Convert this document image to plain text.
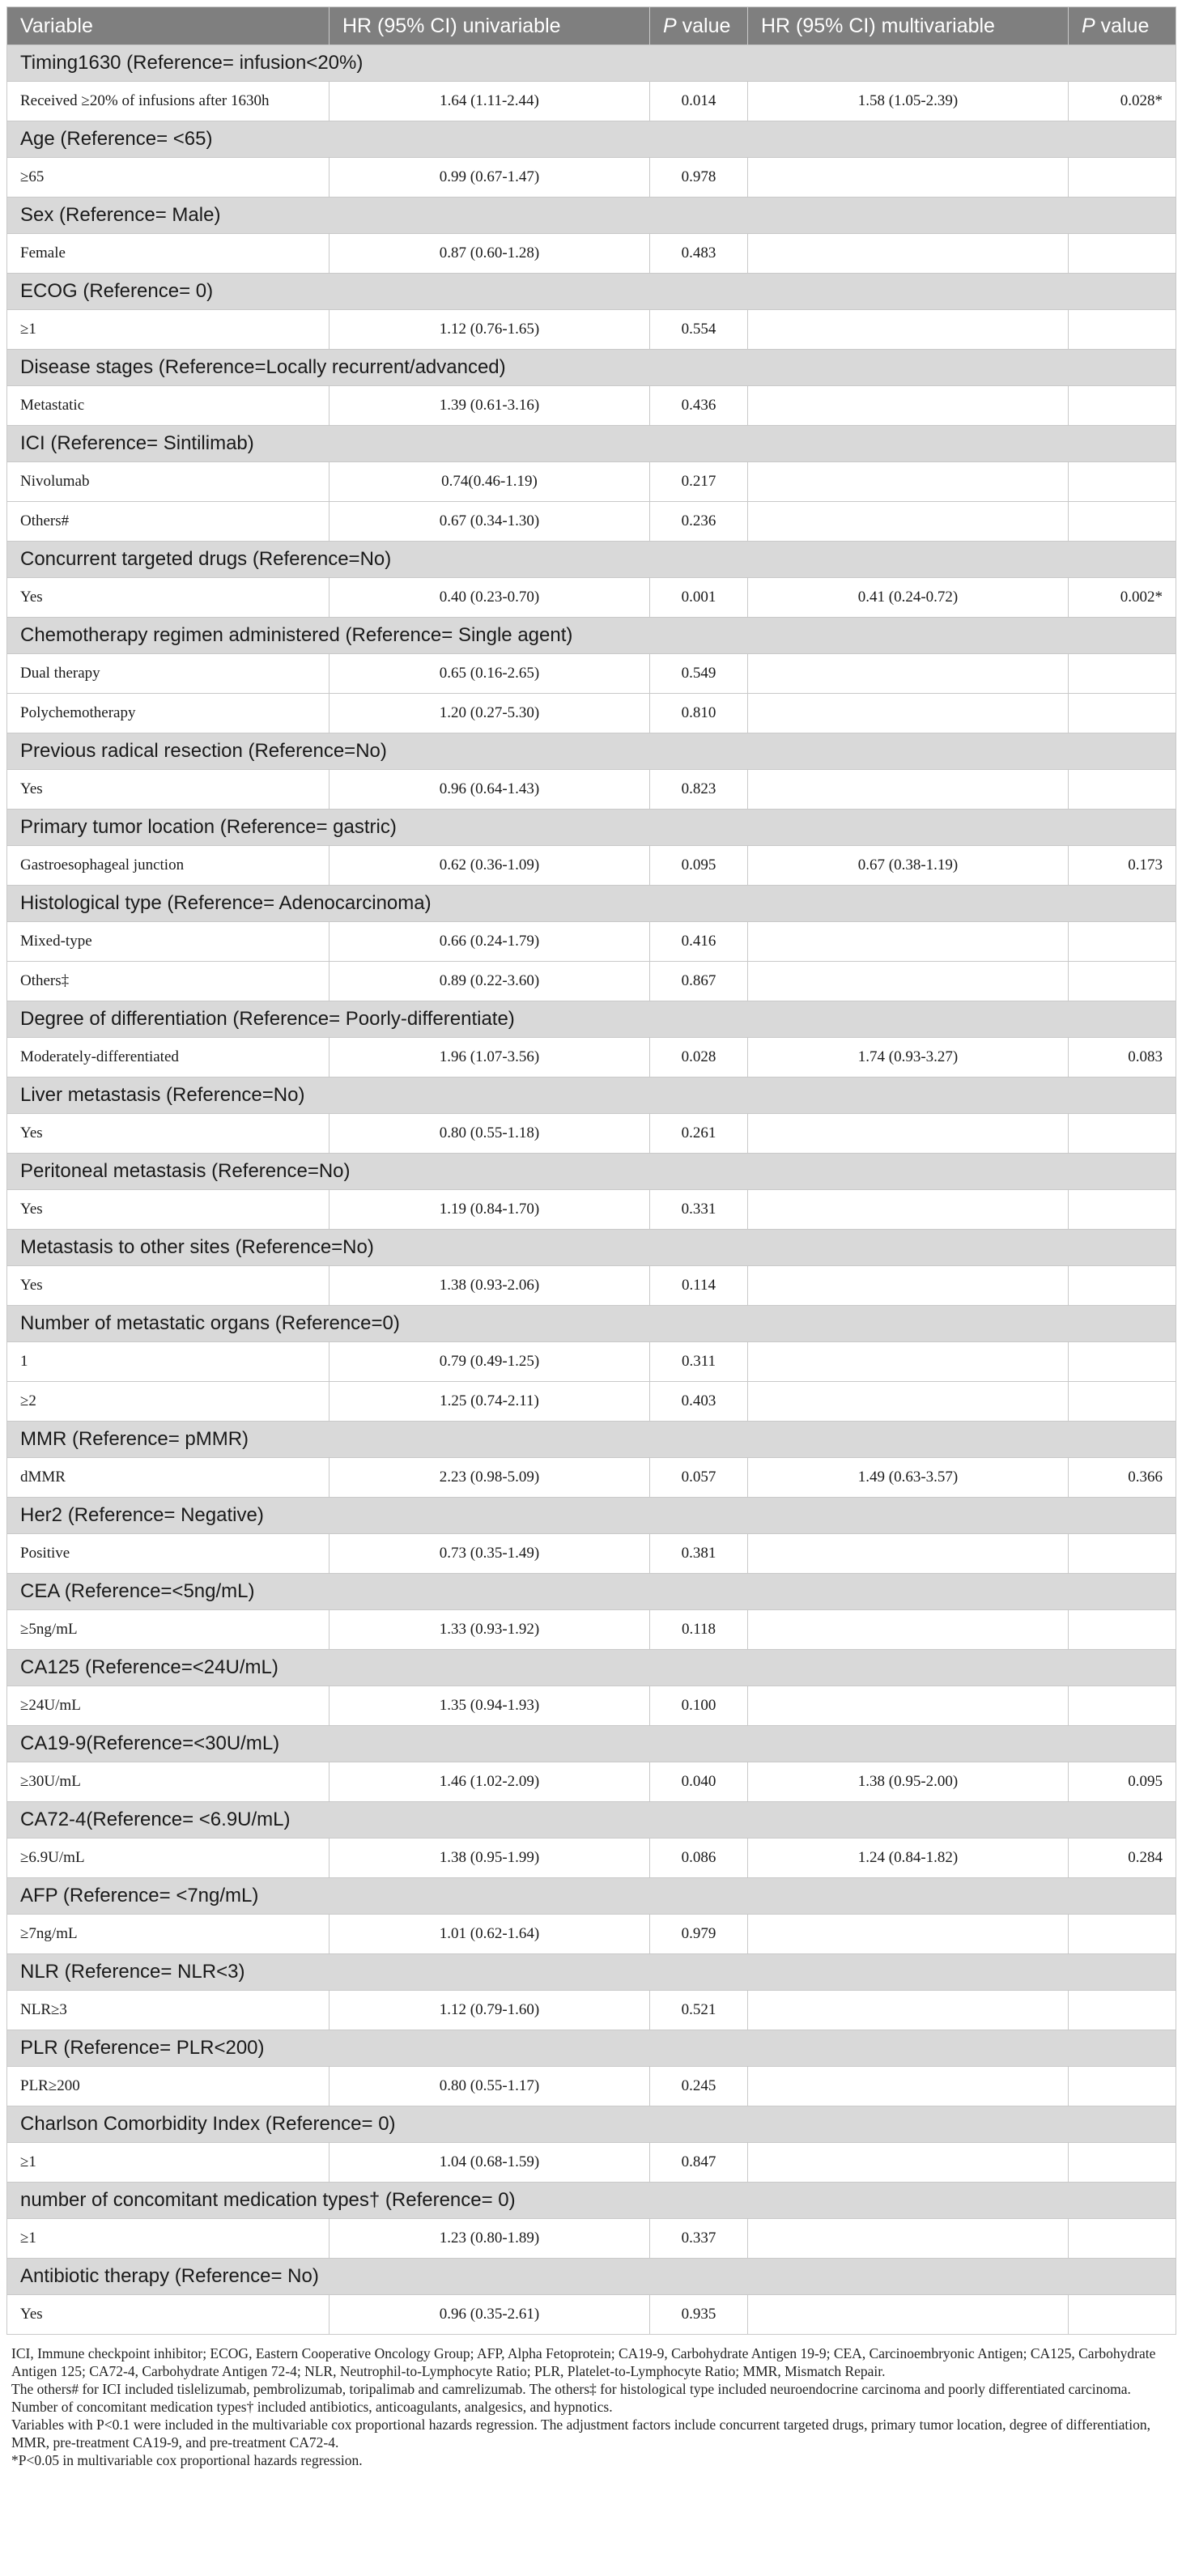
Variable	HR (95% CI) univariable	P value	HR (95% CI) multivariable	P value
Timing1630 (Reference= infusion<20%)				
Received ≥20% of infusions after 1630h	1.64 (1.11-2.44)	0.014	1.58 (1.05-2.39)	0.028*
Age (Reference= <65)				
≥65	0.99 (0.67-1.47)	0.978		
Sex (Reference= Male)				
Female	0.87 (0.60-1.28)	0.483		
ECOG (Reference= 0)				
≥1	1.12 (0.76-1.65)	0.554		
Disease stages (Reference=Locally recurrent/advanced)				
Metastatic	1.39 (0.61-3.16)	0.436		
ICI (Reference= Sintilimab)				
Nivolumab	0.74(0.46-1.19)	0.217		
Others#	0.67 (0.34-1.30)	0.236		
Concurrent targeted drugs (Reference=No)				
Yes	0.40 (0.23-0.70)	0.001	0.41 (0.24-0.72)	0.002*
Chemotherapy regimen administered (Reference= Single agent)				
Dual therapy	0.65 (0.16-2.65)	0.549		
Polychemotherapy	1.20 (0.27-5.30)	0.810		
Previous radical resection (Reference=No)				
Yes	0.96 (0.64-1.43)	0.823		
Primary tumor location (Reference= gastric)				
Gastroesophageal junction	0.62 (0.36-1.09)	0.095	0.67 (0.38-1.19)	0.173
Histological type (Reference= Adenocarcinoma)				
Mixed-type	0.66 (0.24-1.79)	0.416		
Others‡	0.89 (0.22-3.60)	0.867		
Degree of differentiation (Reference= Poorly-differentiate)				
Moderately-differentiated	1.96 (1.07-3.56)	0.028	1.74 (0.93-3.27)	0.083
Liver metastasis (Reference=No)				
Yes	0.80 (0.55-1.18)	0.261		
Peritoneal metastasis (Reference=No)				
Yes	1.19 (0.84-1.70)	0.331		
Metastasis to other sites (Reference=No)				
Yes	1.38 (0.93-2.06)	0.114		
Number of metastatic organs (Reference=0)				
1	0.79 (0.49-1.25)	0.311		
≥2	1.25 (0.74-2.11)	0.403		
MMR (Reference= pMMR)				
dMMR	2.23 (0.98-5.09)	0.057	1.49 (0.63-3.57)	0.366
Her2 (Reference= Negative)				
Positive	0.73 (0.35-1.49)	0.381		
CEA (Reference=<5ng/mL)				
≥5ng/mL	1.33 (0.93-1.92)	0.118		
CA125 (Reference=<24U/mL)				
≥24U/mL	1.35 (0.94-1.93)	0.100		
CA19-9(Reference=<30U/mL)				
≥30U/mL	1.46 (1.02-2.09)	0.040	1.38 (0.95-2.00)	0.095
CA72-4(Reference= <6.9U/mL)				
≥6.9U/mL	1.38 (0.95-1.99)	0.086	1.24 (0.84-1.82)	0.284
AFP (Reference= <7ng/mL)				
≥7ng/mL	1.01 (0.62-1.64)	0.979		
NLR (Reference= NLR<3)				
NLR≥3	1.12 (0.79-1.60)	0.521		
PLR (Reference= PLR<200)				
PLR≥200	0.80 (0.55-1.17)	0.245		
Charlson Comorbidity Index (Reference= 0)				
≥1	1.04 (0.68-1.59)	0.847		
number of concomitant medication types† (Reference= 0)				
≥1	1.23 (0.80-1.89)	0.337		
Antibiotic therapy (Reference= No)				
Yes	0.96 (0.35-2.61)	0.935		

ICI, Immune checkpoint inhibitor; ECOG, Eastern Cooperative Oncology Group; AFP, Alpha Fetoprotein; CA19-9, Carbohydrate Antigen 19-9; CEA, Carcinoembryonic Antigen; CA125, Carbohydrate Antigen 125; CA72-4, Carbohydrate Antigen 72-4; NLR, Neutrophil-to-Lymphocyte Ratio; PLR, Platelet-to-Lymphocyte Ratio; MMR, Mismatch Repair.

The others# for ICI included tislelizumab, pembrolizumab, toripalimab and camrelizumab. The others‡ for histological type included neuroendocrine carcinoma and poorly differentiated carcinoma. Number of concomitant medication types† included antibiotics, anticoagulants, analgesics, and hypnotics.

Variables with P<0.1 were included in the multivariable cox proportional hazards regression. The adjustment factors include concurrent targeted drugs, primary tumor location, degree of differentiation, MMR, pre-treatment CA19-9, and pre-treatment CA72-4.

*P<0.05 in multivariable cox proportional hazards regression.
